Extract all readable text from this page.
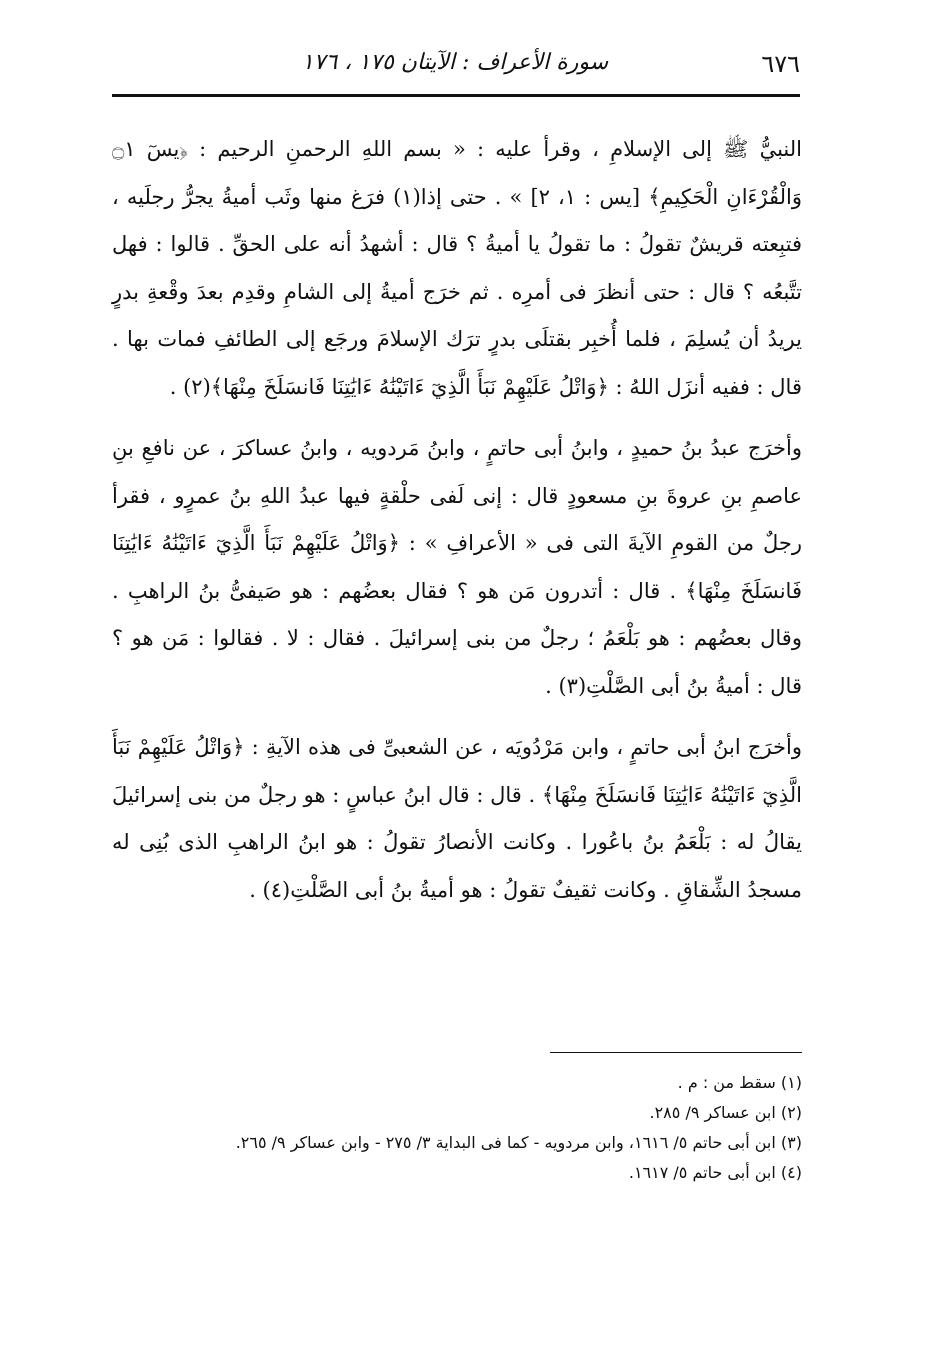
٦٧٦
سورة الأعراف : الآيتان ١٧٥ ، ١٧٦

النبيُّ ﷺ إلى الإسلامِ ، وقرأ عليه : « بسم اللهِ الرحمنِ الرحيم : ﴿يسٓ ۝١ وَالْقُرْءَانِ الْحَكِيمِ﴾ [يس : ١، ٢] » . حتى إذا(١) فرَغ منها وثَب أميةُ يجرُّ رجلَيه ، فتبِعته قريشٌ تقولُ : ما تقولُ يا أميةُ ؟ قال : أشهدُ أنه على الحقِّ . قالوا : فهل تتَّبعُه ؟ قال : حتى أنظرَ فى أمرِه . ثم خرَج أميةُ إلى الشامِ وقدِم بعدَ وقْعةِ بدرٍ يريدُ أن يُسلِمَ ، فلما أُخبِر بقتلَى بدرٍ ترَك الإسلامَ ورجَع إلى الطائفِ فمات بها . قال : ففيه أنزَل اللهُ : ﴿وَاتْلُ عَلَيْهِمْ نَبَأَ الَّذِيٓ ءَاتَيْنَٰهُ ءَايَٰتِنَا فَانسَلَخَ مِنْهَا﴾(٢) .

وأخرَج عبدُ بنُ حميدٍ ، وابنُ أبى حاتمٍ ، وابنُ مَردويه ، وابنُ عساكرَ ، عن نافعِ بنِ عاصمِ بنِ عروةَ بنِ مسعودٍ قال : إنى لَفى حلْقةٍ فيها عبدُ اللهِ بنُ عمرٍو ، فقرأ رجلٌ من القومِ الآيةَ التى فى « الأعرافِ » : ﴿وَاتْلُ عَلَيْهِمْ نَبَأَ الَّذِيٓ ءَاتَيْنَٰهُ ءَايَٰتِنَا فَانسَلَخَ مِنْهَا﴾ . قال : أتدرون مَن هو ؟ فقال بعضُهم : هو صَيفىُّ بنُ الراهبِ . وقال بعضُهم : هو بَلْعَمُ ؛ رجلٌ من بنى إسرائيلَ . فقال : لا . فقالوا : مَن هو ؟ قال : أميةُ بنُ أبى الصَّلْتِ(٣) .

وأخرَج ابنُ أبى حاتمٍ ، وابن مَرْدُويَه ، عن الشعبىِّ فى هذه الآيةِ : ﴿وَاتْلُ عَلَيْهِمْ نَبَأَ الَّذِيٓ ءَاتَيْنَٰهُ ءَايَٰتِنَا فَانسَلَخَ مِنْهَا﴾ . قال : قال ابنُ عباسٍ : هو رجلٌ من بنى إسرائيلَ يقالُ له : بَلْعَمُ بنُ باعُورا . وكانت الأنصارُ تقولُ : هو ابنُ الراهبِ الذى بُنِى له مسجدُ الشِّقاقِ . وكانت ثقيفٌ تقولُ : هو أميةُ بنُ أبى الصَّلْتِ(٤) .

(١) سقط من : م .
(٢) ابن عساكر ٩/ ٢٨٥.
(٣) ابن أبى حاتم ٥/ ١٦١٦، وابن مردويه - كما فى البداية ٣/ ٢٧٥ - وابن عساكر ٩/ ٢٦٥.
(٤) ابن أبى حاتم ٥/ ١٦١٧.
